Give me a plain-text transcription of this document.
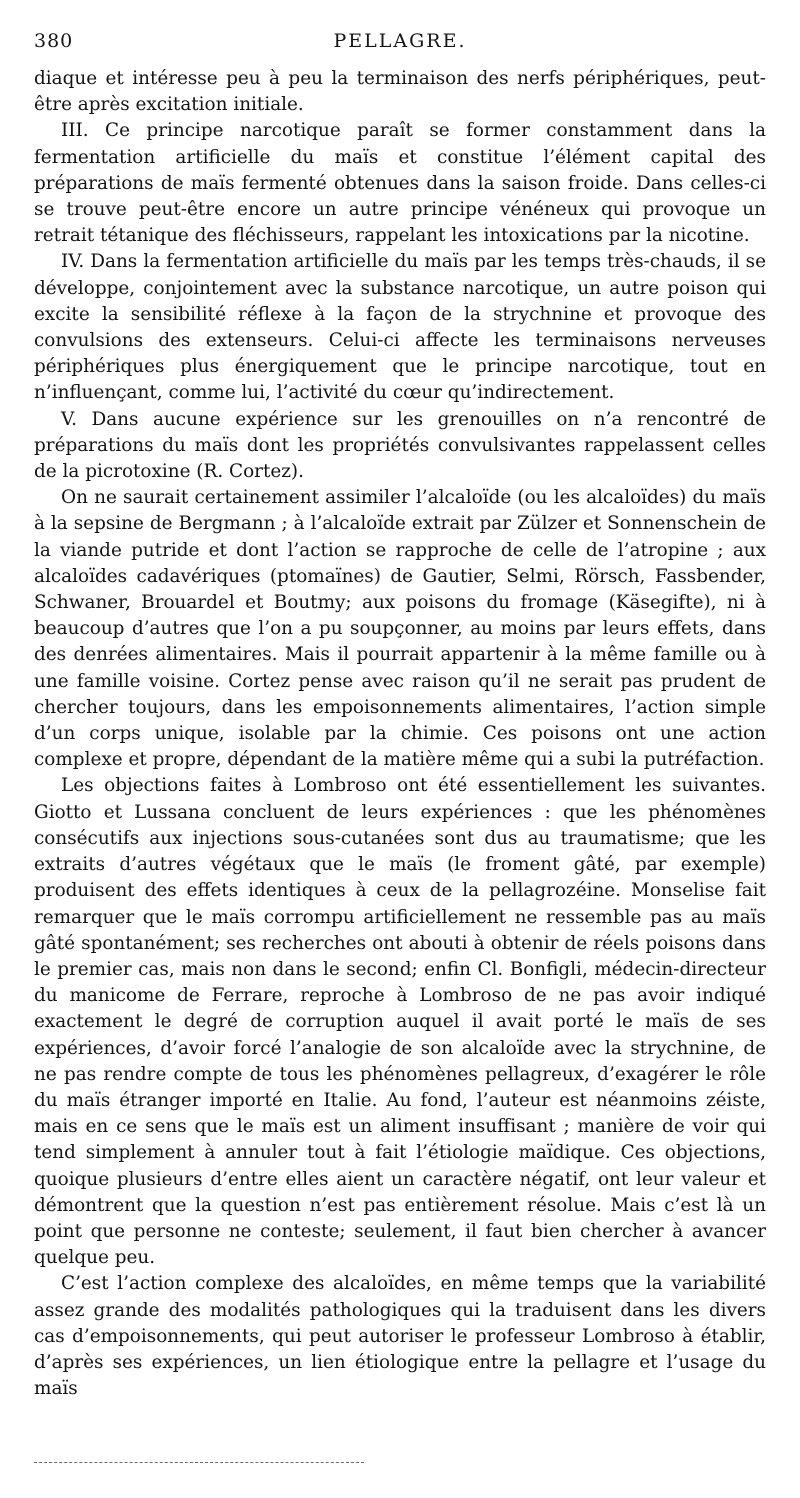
380	PELLAGRE.

diaque et intéresse peu à peu la terminaison des nerfs périphériques, peut-être après excitation initiale.

III. Ce principe narcotique paraît se former constamment dans la fermentation artificielle du maïs et constitue l’élément capital des préparations de maïs fermenté obtenues dans la saison froide. Dans celles-ci se trouve peut-être encore un autre principe vénéneux qui provoque un retrait tétanique des fléchisseurs, rappelant les intoxications par la nicotine.

IV. Dans la fermentation artificielle du maïs par les temps très-chauds, il se développe, conjointement avec la substance narcotique, un autre poison qui excite la sensibilité réflexe à la façon de la strychnine et provoque des convulsions des extenseurs. Celui-ci affecte les terminaisons nerveuses périphériques plus énergiquement que le principe narcotique, tout en n’influençant, comme lui, l’activité du cœur qu’indirectement.

V. Dans aucune expérience sur les grenouilles on n’a rencontré de préparations du maïs dont les propriétés convulsivantes rappelassent celles de la picrotoxine (R. Cortez).

On ne saurait certainement assimiler l’alcaloïde (ou les alcaloïdes) du maïs à la sepsine de Bergmann ; à l’alcaloïde extrait par Zülzer et Sonnenschein de la viande putride et dont l’action se rapproche de celle de l’atropine ; aux alcaloïdes cadavériques (ptomaïnes) de Gautier, Selmi, Rörsch, Fassbender, Schwaner, Brouardel et Boutmy; aux poisons du fromage (Käsegifte), ni à beaucoup d’autres que l’on a pu soupçonner, au moins par leurs effets, dans des denrées alimentaires. Mais il pourrait appartenir à la même famille ou à une famille voisine. Cortez pense avec raison qu’il ne serait pas prudent de chercher toujours, dans les empoisonnements alimentaires, l’action simple d’un corps unique, isolable par la chimie. Ces poisons ont une action complexe et propre, dépendant de la matière même qui a subi la putréfaction.

Les objections faites à Lombroso ont été essentiellement les suivantes. Giotto et Lussana concluent de leurs expériences : que les phénomènes consécutifs aux injections sous-cutanées sont dus au traumatisme; que les extraits d’autres végétaux que le maïs (le froment gâté, par exemple) produisent des effets identiques à ceux de la pellagrozéine. Monselise fait remarquer que le maïs corrompu artificiellement ne ressemble pas au maïs gâté spontanément; ses recherches ont abouti à obtenir de réels poisons dans le premier cas, mais non dans le second; enfin Cl. Bonfigli, médecin-directeur du manicome de Ferrare, reproche à Lombroso de ne pas avoir indiqué exactement le degré de corruption auquel il avait porté le maïs de ses expériences, d’avoir forcé l’analogie de son alcaloïde avec la strychnine, de ne pas rendre compte de tous les phénomènes pellagreux, d’exagérer le rôle du maïs étranger importé en Italie. Au fond, l’auteur est néanmoins zéiste, mais en ce sens que le maïs est un aliment insuffisant ; manière de voir qui tend simplement à annuler tout à fait l’étiologie maïdique. Ces objections, quoique plusieurs d’entre elles aient un caractère négatif, ont leur valeur et démontrent que la question n’est pas entièrement résolue. Mais c’est là un point que personne ne conteste; seulement, il faut bien chercher à avancer quelque peu.

C’est l’action complexe des alcaloïdes, en même temps que la variabilité assez grande des modalités pathologiques qui la traduisent dans les divers cas d’empoisonnements, qui peut autoriser le professeur Lombroso à établir, d’après ses expériences, un lien étiologique entre la pellagre et l’usage du maïs
